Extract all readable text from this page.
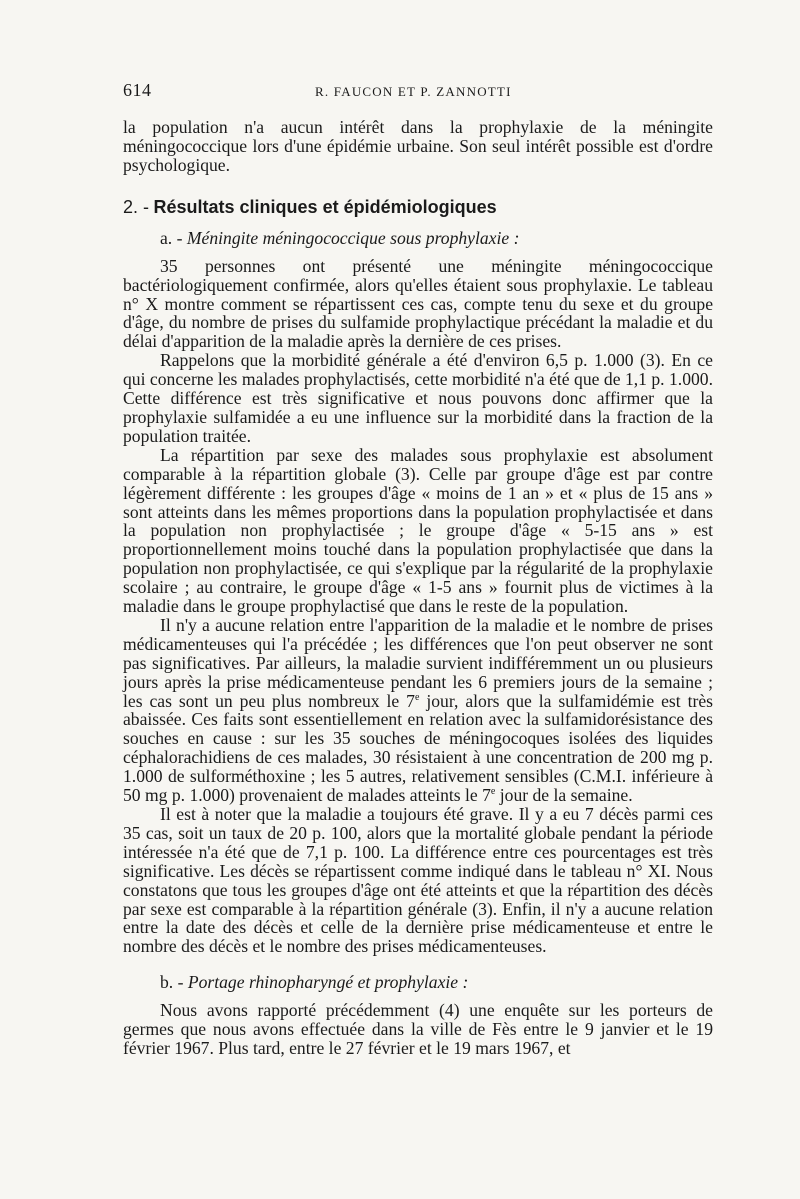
614	R. FAUCON ET P. ZANNOTTI

la population n'a aucun intérêt dans la prophylaxie de la méningite méningococcique lors d'une épidémie urbaine. Son seul intérêt possible est d'ordre psychologique.

2. - Résultats cliniques et épidémiologiques
a. - Méningite méningococcique sous prophylaxie :

35 personnes ont présenté une méningite méningococcique bactériologiquement confirmée, alors qu'elles étaient sous prophylaxie. Le tableau n° X montre comment se répartissent ces cas, compte tenu du sexe et du groupe d'âge, du nombre de prises du sulfamide prophylactique précédant la maladie et du délai d'apparition de la maladie après la dernière de ces prises.

Rappelons que la morbidité générale a été d'environ 6,5 p. 1.000 (3). En ce qui concerne les malades prophylactisés, cette morbidité n'a été que de 1,1 p. 1.000. Cette différence est très significative et nous pouvons donc affirmer que la prophylaxie sulfamidée a eu une influence sur la morbidité dans la fraction de la population traitée.

La répartition par sexe des malades sous prophylaxie est absolument comparable à la répartition globale (3). Celle par groupe d'âge est par contre légèrement différente : les groupes d'âge « moins de 1 an » et « plus de 15 ans » sont atteints dans les mêmes proportions dans la population prophylactisée et dans la population non prophylactisée ; le groupe d'âge « 5-15 ans » est proportionnellement moins touché dans la population prophylactisée que dans la population non prophylactisée, ce qui s'explique par la régularité de la prophylaxie scolaire ; au contraire, le groupe d'âge « 1-5 ans » fournit plus de victimes à la maladie dans le groupe prophylactisé que dans le reste de la population.

Il n'y a aucune relation entre l'apparition de la maladie et le nombre de prises médicamenteuses qui l'a précédée ; les différences que l'on peut observer ne sont pas significatives. Par ailleurs, la maladie survient indifféremment un ou plusieurs jours après la prise médicamenteuse pendant les 6 premiers jours de la semaine ; les cas sont un peu plus nombreux le 7e jour, alors que la sulfamidémie est très abaissée. Ces faits sont essentiellement en relation avec la sulfamidorésistance des souches en cause : sur les 35 souches de méningocoques isolées des liquides céphalorachidiens de ces malades, 30 résistaient à une concentration de 200 mg p. 1.000 de sulforméthoxine ; les 5 autres, relativement sensibles (C.M.I. inférieure à 50 mg p. 1.000) provenaient de malades atteints le 7e jour de la semaine.

Il est à noter que la maladie a toujours été grave. Il y a eu 7 décès parmi ces 35 cas, soit un taux de 20 p. 100, alors que la mortalité globale pendant la période intéressée n'a été que de 7,1 p. 100. La différence entre ces pourcentages est très significative. Les décès se répartissent comme indiqué dans le tableau n° XI. Nous constatons que tous les groupes d'âge ont été atteints et que la répartition des décès par sexe est comparable à la répartition générale (3). Enfin, il n'y a aucune relation entre la date des décès et celle de la dernière prise médicamenteuse et entre le nombre des décès et le nombre des prises médicamenteuses.

b. - Portage rhinopharyngé et prophylaxie :

Nous avons rapporté précédemment (4) une enquête sur les porteurs de germes que nous avons effectuée dans la ville de Fès entre le 9 janvier et le 19 février 1967. Plus tard, entre le 27 février et le 19 mars 1967, et
